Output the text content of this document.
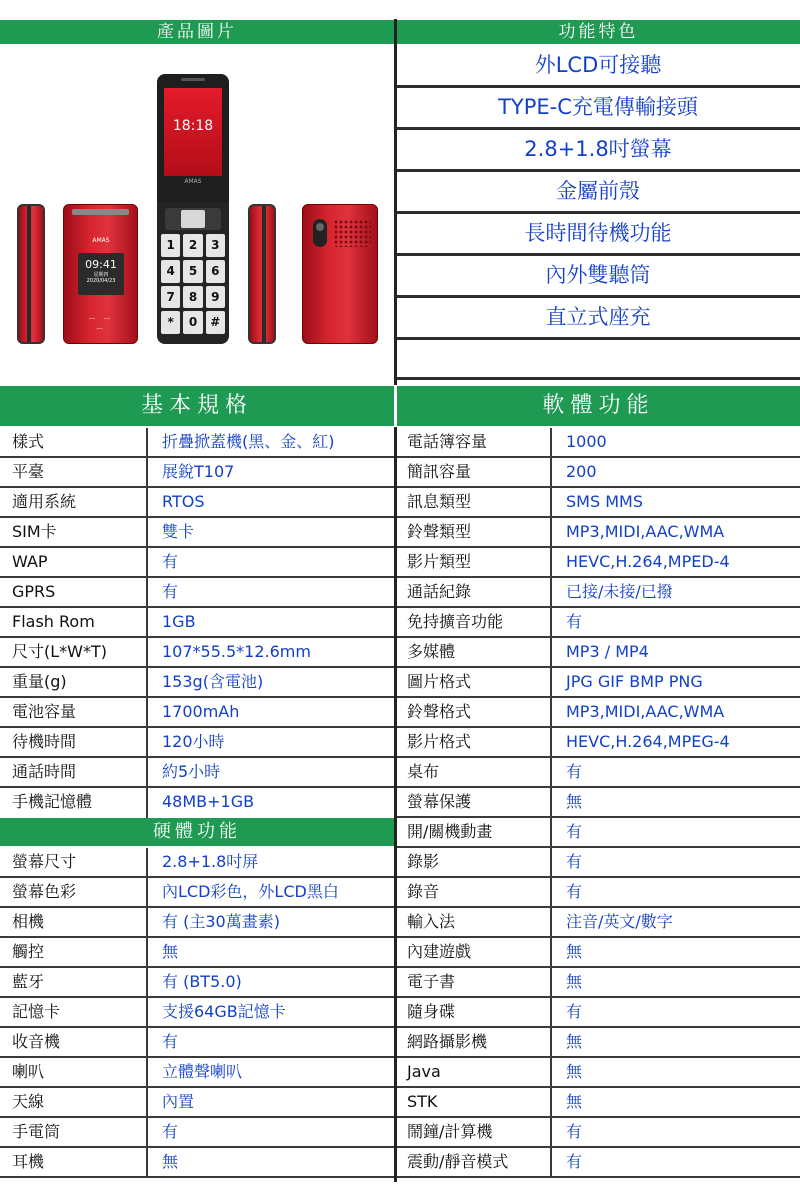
產品圖片	功能特色
外LCD可接聽
TYPE-C充電傳輸接頭
2.8+1.8吋螢幕
金屬前殼
長時間待機功能
內外雙聽筒
直立式座充
AMAS
09:41
星期四
2020/04/23
⌒ ⌒ ⌒
18:18
AMAS
1	2	3
4	5	6
7	8	9
*	0	#
基本規格	軟體功能
樣式	折疊掀蓋機(黑、金、紅)
平臺	展銳T107
適用系統	RTOS
SIM卡	雙卡
WAP	有
GPRS	有
Flash Rom	1GB
尺寸(L*W*T)	107*55.5*12.6mm
重量(g)	153g(含電池)
電池容量	1700mAh
待機時間	120小時
通話時間	約5小時
手機記憶體	48MB+1GB
硬體功能
螢幕尺寸	2.8+1.8吋屏
螢幕色彩	內LCD彩色，外LCD黑白
相機	有 (主30萬畫素)
觸控	無
藍牙	有 (BT5.0)
記憶卡	支援64GB記憶卡
收音機	有
喇叭	立體聲喇叭
天線	內置
手電筒	有
耳機	無
電話簿容量	1000
簡訊容量	200
訊息類型	SMS MMS
鈴聲類型	MP3,MIDI,AAC,WMA
影片類型	HEVC,H.264,MPED-4
通話紀錄	已接/未接/已撥
免持擴音功能	有
多媒體	MP3 / MP4
圖片格式	JPG GIF BMP PNG
鈴聲格式	MP3,MIDI,AAC,WMA
影片格式	HEVC,H.264,MPEG-4
桌布	有
螢幕保護	無
開/關機動畫	有
錄影	有
錄音	有
輸入法	注音/英文/數字
內建遊戲	無
電子書	無
隨身碟	有
網路攝影機	無
Java	無
STK	無
鬧鐘/計算機	有
震動/靜音模式	有
